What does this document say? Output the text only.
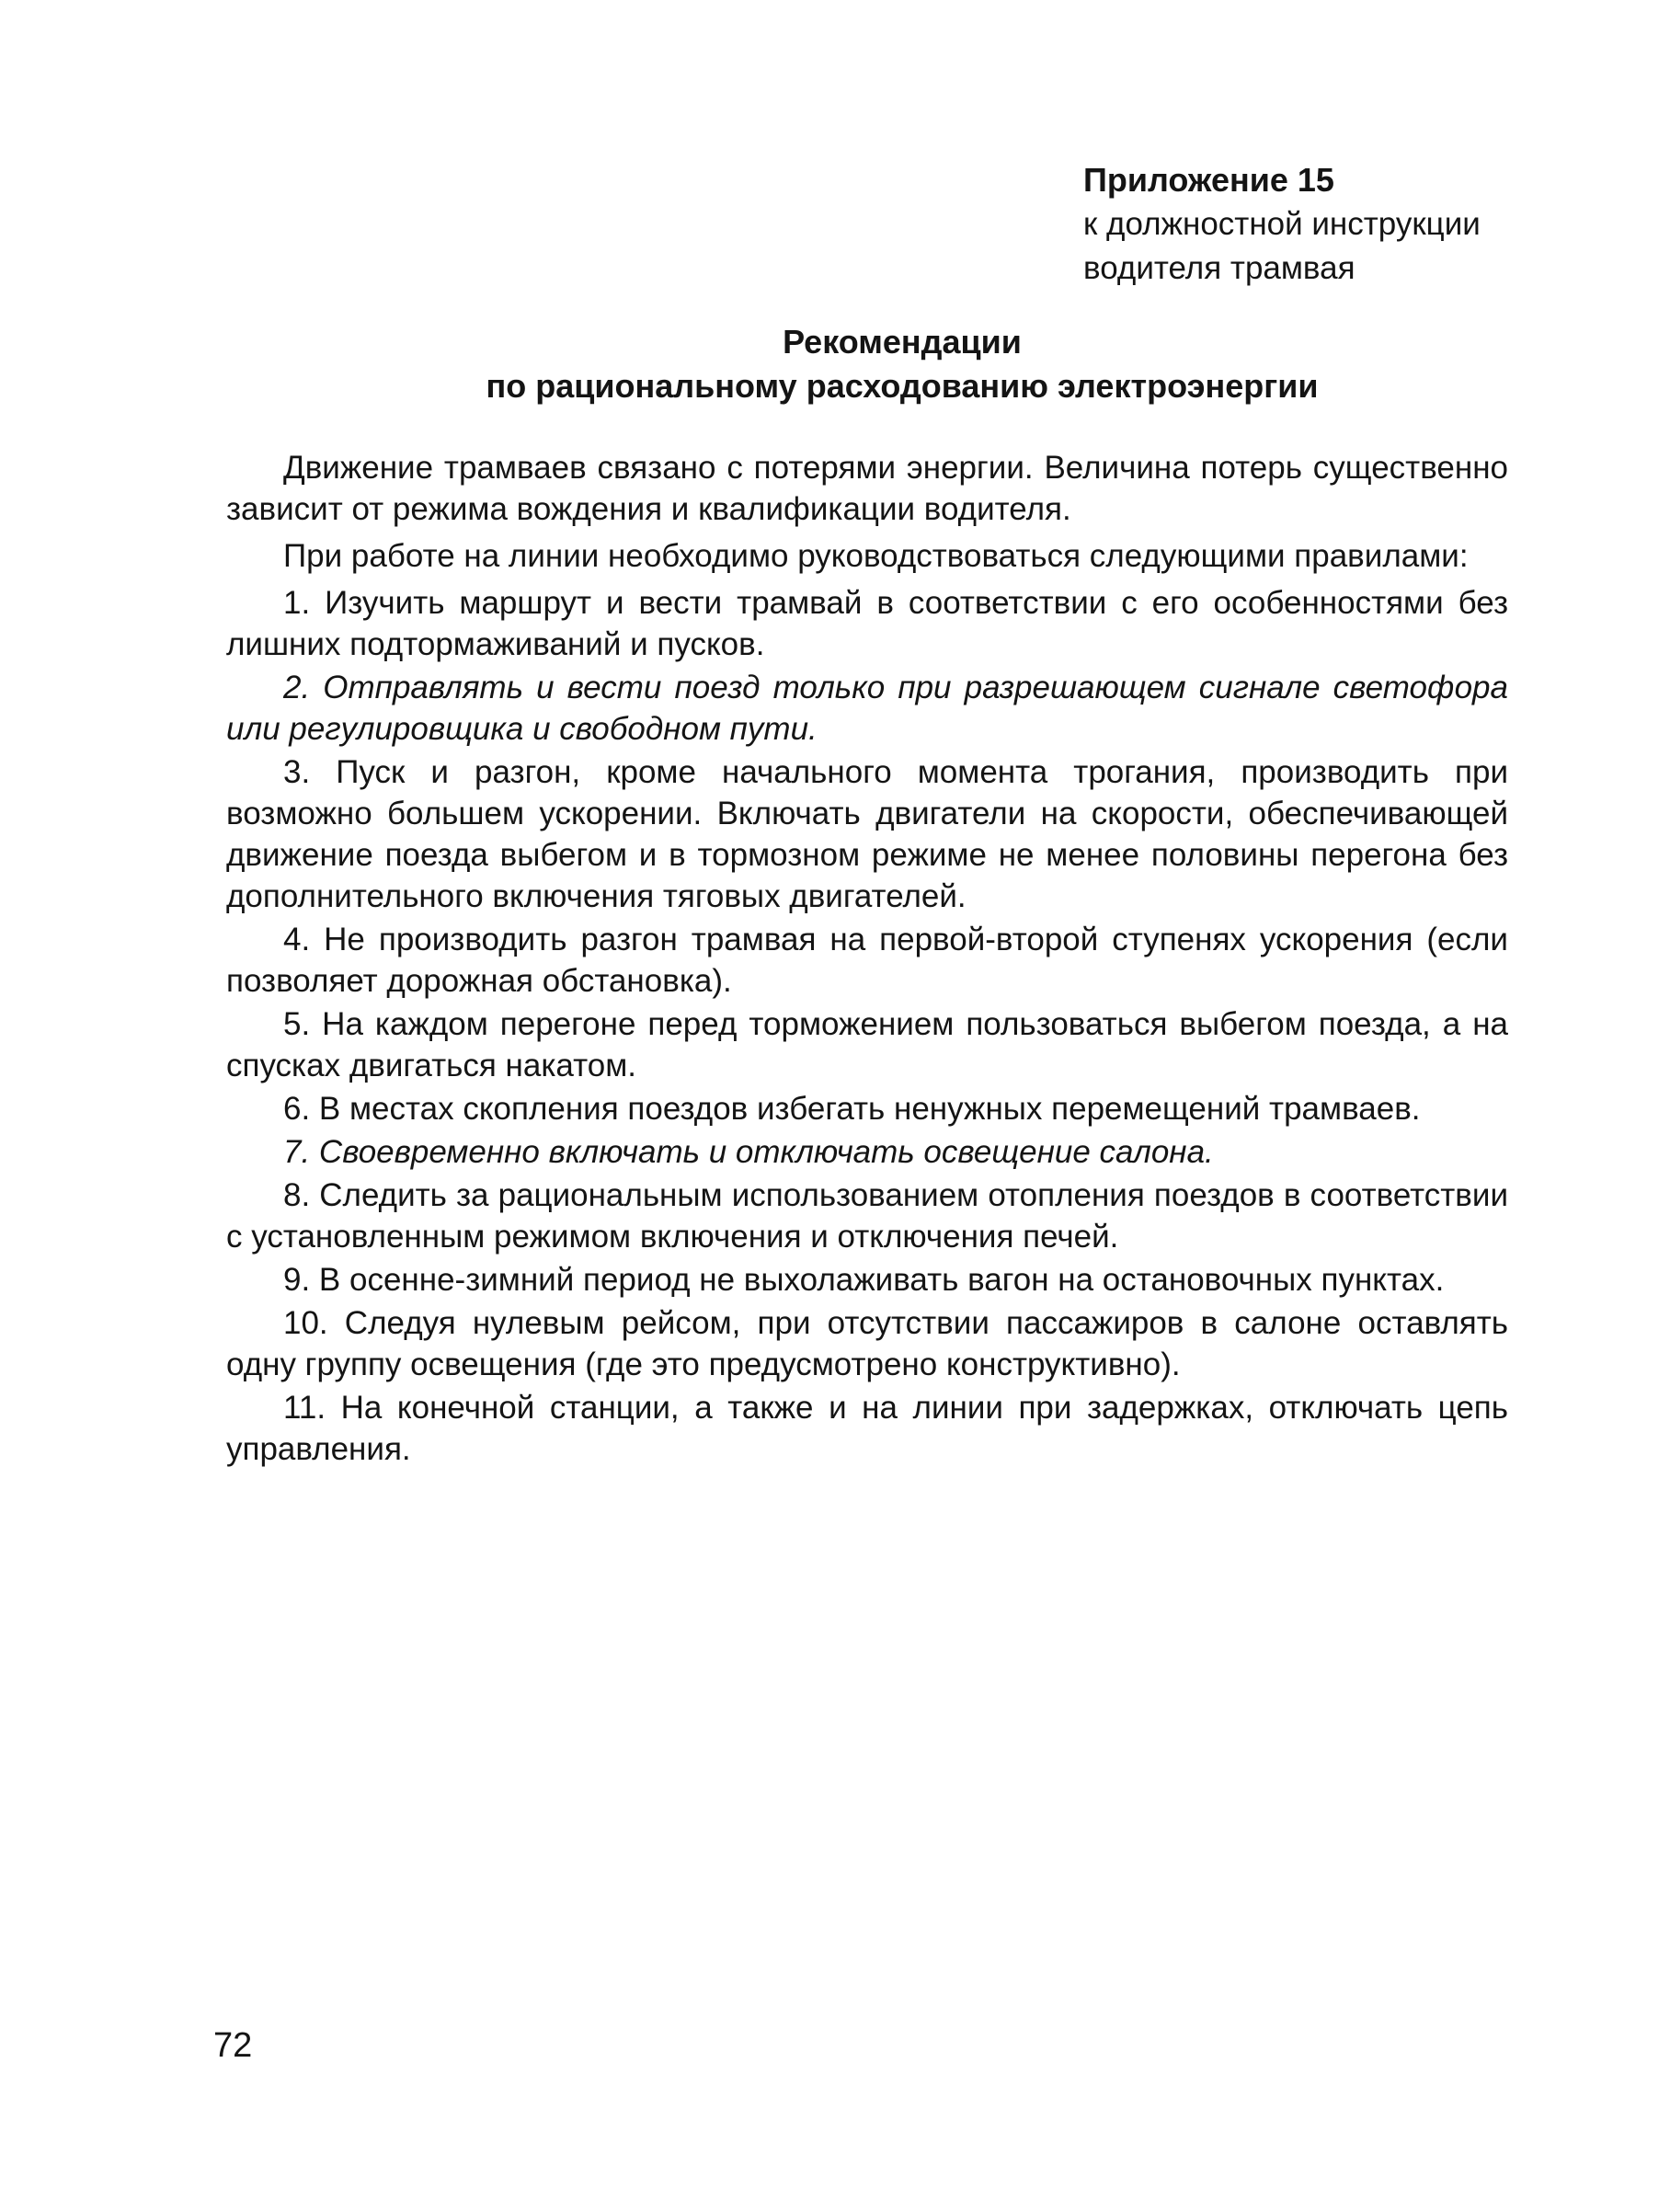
Приложение 15
к должностной инструкции
водителя трамвая
Рекомендации
по рациональному расходованию электроэнергии

Движение трамваев связано с потерями энергии. Величина потерь существенно зависит от режима вождения и квалификации водителя.

При работе на линии необходимо руководствоваться следующими правилами:

1. Изучить маршрут и вести трамвай в соответствии с его особенностями без лишних подтормаживаний и пусков.

2. Отправлять и вести поезд только при разрешающем сигнале светофора или регулировщика и свободном пути.

3. Пуск и разгон, кроме начального момента трогания, производить при возможно большем ускорении. Включать двигатели на скорости, обеспечивающей движение поезда выбегом и в тормозном режиме не менее половины перегона без дополнительного включения тяговых двигателей.

4. Не производить разгон трамвая на первой-второй ступенях ускорения (если позволяет дорожная обстановка).

5. На каждом перегоне перед торможением пользоваться выбегом поезда, а на спусках двигаться накатом.

6. В местах скопления поездов избегать ненужных перемещений трамваев.

7. Своевременно включать и отключать освещение салона.

8. Следить за рациональным использованием отопления поездов в соответствии с установленным режимом включения и отключения печей.

9. В осенне-зимний период не выхолаживать вагон на остановочных пунктах.

10. Следуя нулевым рейсом, при отсутствии пассажиров в салоне оставлять одну группу освещения (где это предусмотрено конструктивно).

11. На конечной станции, а также и на линии при задержках, отключать цепь управления.

72
